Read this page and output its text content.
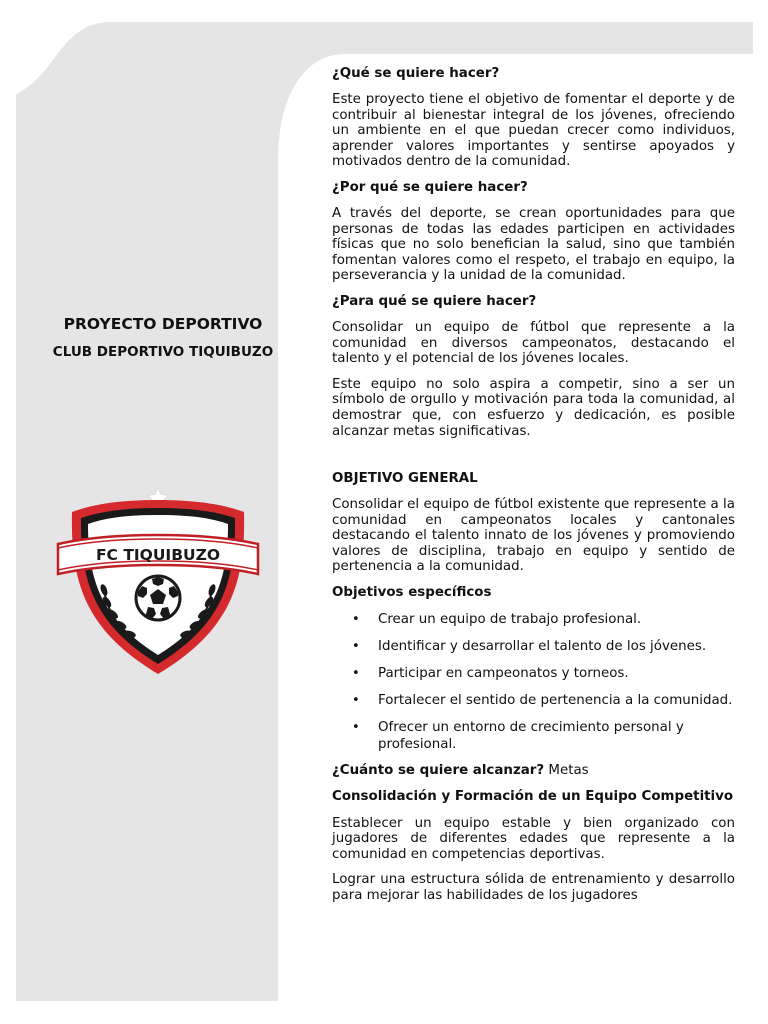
PROYECTO DEPORTIVO
CLUB DEPORTIVO TIQUIBUZO
FC TIQUIBUZO
¿Qué se quiere hacer?

Este proyecto tiene el objetivo de fomentar el deporte y de contribuir al bienestar integral de los jóvenes, ofreciendo un ambiente en el que puedan crecer como individuos, aprender valores importantes y sentirse apoyados y motivados dentro de la comunidad.

¿Por qué se quiere hacer?

A través del deporte, se crean oportunidades para que personas de todas las edades participen en actividades físicas que no solo benefician la salud, sino que también fomentan valores como el respeto, el trabajo en equipo, la perseverancia y la unidad de la comunidad.

¿Para qué se quiere hacer?

Consolidar un equipo de fútbol que represente a la comunidad en diversos campeonatos, destacando el talento y el potencial de los jóvenes locales.

Este equipo no solo aspira a competir, sino a ser un símbolo de orgullo y motivación para toda la comunidad, al demostrar que, con esfuerzo y dedicación, es posible alcanzar metas significativas.

OBJETIVO GENERAL

Consolidar el equipo de fútbol existente que represente a la comunidad en campeonatos locales y cantonales destacando el talento innato de los jóvenes y promoviendo valores de disciplina, trabajo en equipo y sentido de pertenencia a la comunidad.

Objetivos específicos
• Crear un equipo de trabajo profesional.
• Identificar y desarrollar el talento de los jóvenes.
• Participar en campeonatos y torneos.
• Fortalecer el sentido de pertenencia a la comunidad.
• Ofrecer un entorno de crecimiento personal y profesional.
¿Cuánto se quiere alcanzar? Metas
Consolidación y Formación de un Equipo Competitivo

Establecer un equipo estable y bien organizado con jugadores de diferentes edades que represente a la comunidad en competencias deportivas.

Lograr una estructura sólida de entrenamiento y desarrollo para mejorar las habilidades de los jugadores
